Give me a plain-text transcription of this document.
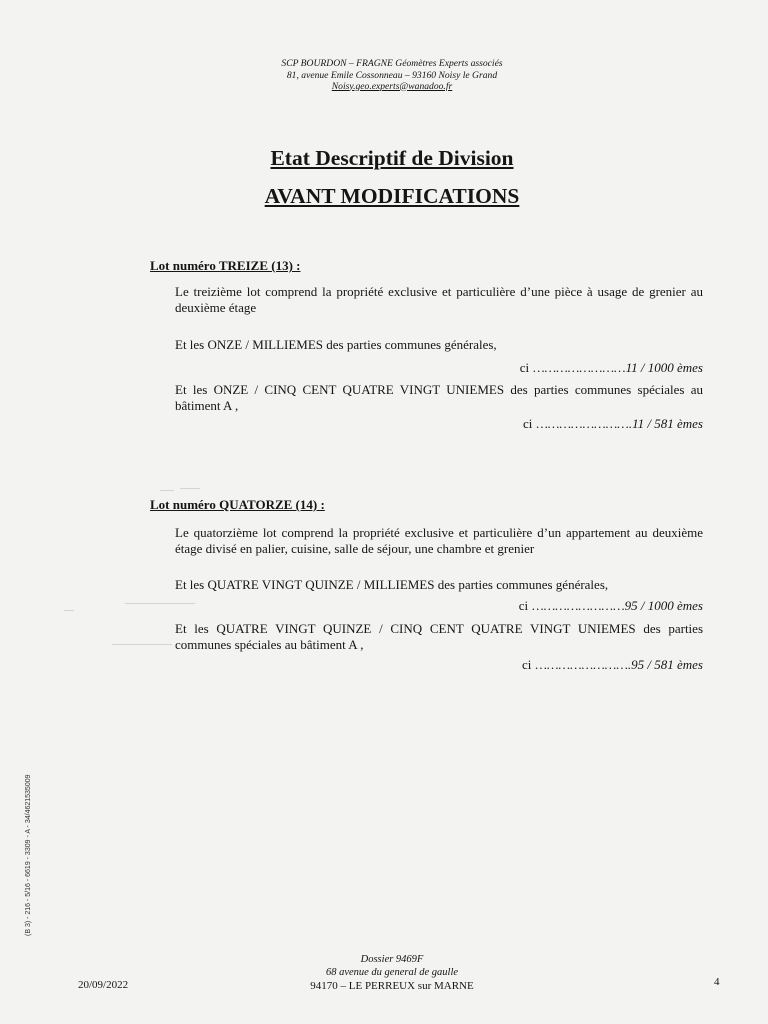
SCP BOURDON – FRAGNE Géomètres Experts associés
81, avenue Emile Cossonneau – 93160 Noisy le Grand
Noisy.geo.experts@wanadoo.fr
Etat Descriptif de Division
AVANT MODIFICATIONS
Lot numéro TREIZE (13) :
Le treizième lot comprend la propriété exclusive et particulière d’une pièce à usage de grenier au
deuxième étage
Et les ONZE / MILLIEMES des parties communes générales,
ci ……………………11 / 1000 èmes
Et les ONZE / CINQ CENT QUATRE VINGT UNIEMES des parties communes spéciales au
bâtiment A ,
ci …………………….11 / 581 èmes
Lot numéro QUATORZE (14) :
Le quatorzième lot comprend la propriété exclusive et particulière d’un appartement au deuxième
étage divisé en palier, cuisine, salle de séjour, une chambre et grenier
Et les QUATRE VINGT QUINZE / MILLIEMES des parties communes générales,
ci ……………………95 / 1000 èmes
Et les QUATRE VINGT QUINZE / CINQ CENT QUATRE VINGT UNIEMES des parties
communes spéciales au bâtiment A ,
ci …………………….95 / 581 èmes
(B 3) - 216 - 5/16 - 6619 - 3309 - A - 34/4621535009
Dossier 9469F
68 avenue du general de gaulle
94170 – LE PERREUX sur MARNE
20/09/2022	4
